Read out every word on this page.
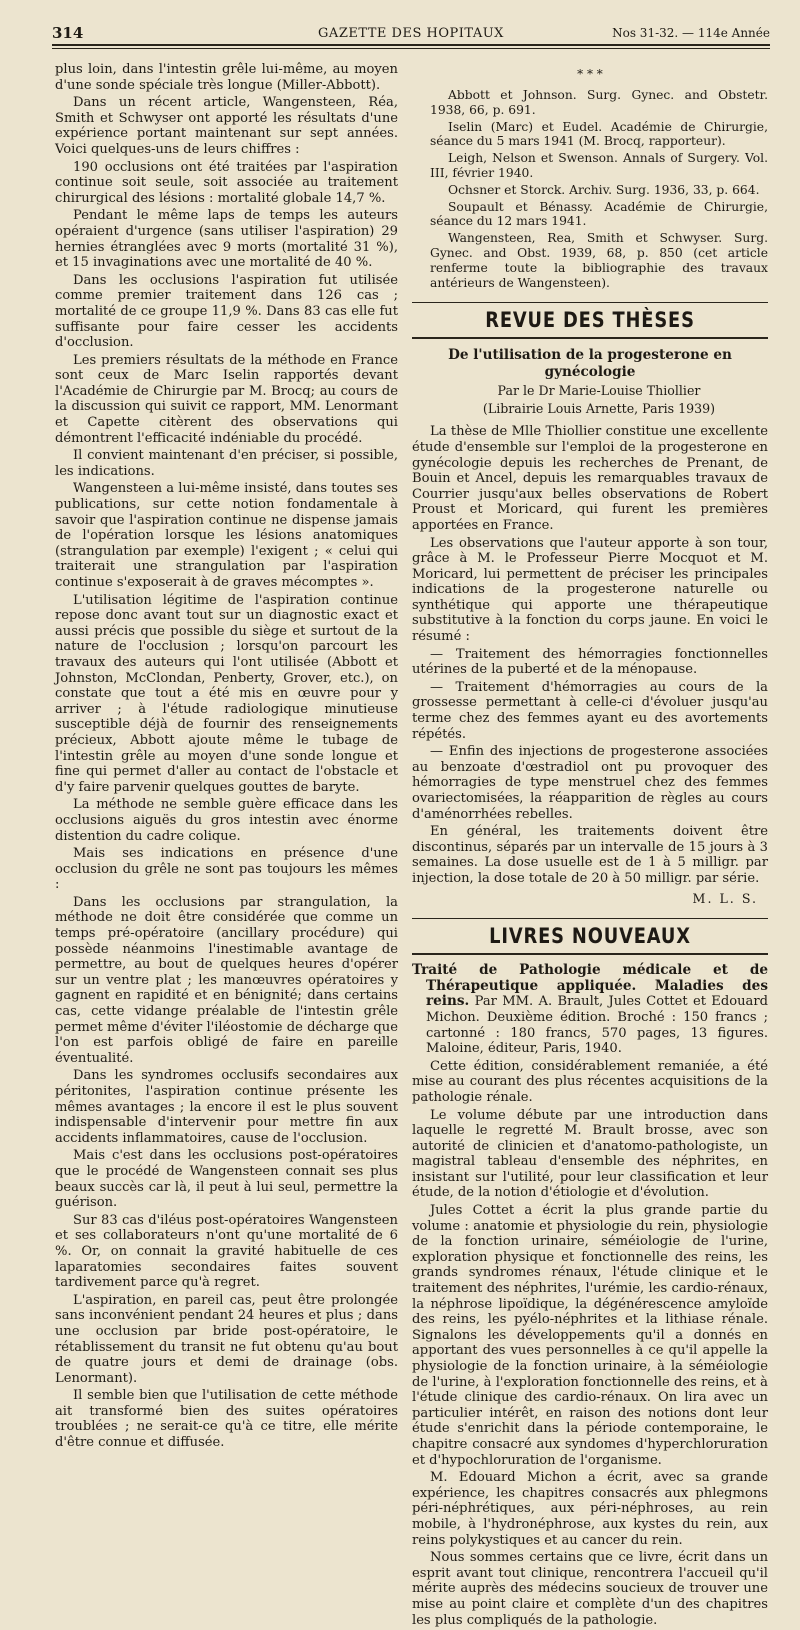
314	GAZETTE DES HOPITAUX	Nos 31-32. — 114e Année

plus loin, dans l'intestin grêle lui-même, au moyen d'une sonde spéciale très longue (Miller-Abbott).

Dans un récent article, Wangensteen, Réa, Smith et Schwyser ont apporté les résultats d'une expérience portant maintenant sur sept années. Voici quelques-uns de leurs chiffres :

190 occlusions ont été traitées par l'aspiration continue soit seule, soit associée au traitement chirurgical des lésions : mortalité globale 14,7 %.

Pendant le même laps de temps les auteurs opéraient d'urgence (sans utiliser l'aspiration) 29 hernies étranglées avec 9 morts (mortalité 31 %), et 15 invaginations avec une mortalité de 40 %.

Dans les occlusions l'aspiration fut utilisée comme premier traitement dans 126 cas ; mortalité de ce groupe 11,9 %. Dans 83 cas elle fut suffisante pour faire cesser les accidents d'occlusion.

Les premiers résultats de la méthode en France sont ceux de Marc Iselin rapportés devant l'Académie de Chirurgie par M. Brocq; au cours de la discussion qui suivit ce rapport, MM. Lenormant et Capette citèrent des observations qui démontrent l'efficacité indéniable du procédé.

Il convient maintenant d'en préciser, si possible, les indications.

Wangensteen a lui-même insisté, dans toutes ses publications, sur cette notion fondamentale à savoir que l'aspiration continue ne dispense jamais de l'opération lorsque les lésions anatomiques (strangulation par exemple) l'exigent ; « celui qui traiterait une strangulation par l'aspiration continue s'exposerait à de graves mécomptes ».

L'utilisation légitime de l'aspiration continue repose donc avant tout sur un diagnostic exact et aussi précis que possible du siège et surtout de la nature de l'occlusion ; lorsqu'on parcourt les travaux des auteurs qui l'ont utilisée (Abbott et Johnston, McClondan, Penberty, Grover, etc.), on constate que tout a été mis en œuvre pour y arriver ; à l'étude radiologique minutieuse susceptible déjà de fournir des renseignements précieux, Abbott ajoute même le tubage de l'intestin grêle au moyen d'une sonde longue et fine qui permet d'aller au contact de l'obstacle et d'y faire parvenir quelques gouttes de baryte.

La méthode ne semble guère efficace dans les occlusions aiguës du gros intestin avec énorme distention du cadre colique.

Mais ses indications en présence d'une occlusion du grêle ne sont pas toujours les mêmes :

Dans les occlusions par strangulation, la méthode ne doit être considérée que comme un temps pré-opératoire (ancillary procédure) qui possède néanmoins l'inestimable avantage de permettre, au bout de quelques heures d'opérer sur un ventre plat ; les manœuvres opératoires y gagnent en rapidité et en bénignité; dans certains cas, cette vidange préalable de l'intestin grêle permet même d'éviter l'iléostomie de décharge que l'on est parfois obligé de faire en pareille éventualité.

Dans les syndromes occlusifs secondaires aux péritonites, l'aspiration continue présente les mêmes avantages ; la encore il est le plus souvent indispensable d'intervenir pour mettre fin aux accidents inflammatoires, cause de l'occlusion.

Mais c'est dans les occlusions post-opératoires que le procédé de Wangensteen connait ses plus beaux succès car là, il peut à lui seul, permettre la guérison.

Sur 83 cas d'iléus post-opératoires Wangensteen et ses collaborateurs n'ont qu'une mortalité de 6 %. Or, on connait la gravité habituelle de ces laparatomies secondaires faites souvent tardivement parce qu'à regret.

L'aspiration, en pareil cas, peut être prolongée sans inconvénient pendant 24 heures et plus ; dans une occlusion par bride post-opératoire, le rétablissement du transit ne fut obtenu qu'au bout de quatre jours et demi de drainage (obs. Lenormant).

Il semble bien que l'utilisation de cette méthode ait transformé bien des suites opératoires troublées ; ne serait-ce qu'à ce titre, elle mérite d'être connue et diffusée.

* * *

Abbott et Johnson. Surg. Gynec. and Obstetr. 1938, 66, p. 691.

Iselin (Marc) et Eudel. Académie de Chirurgie, séance du 5 mars 1941 (M. Brocq, rapporteur).

Leigh, Nelson et Swenson. Annals of Surgery. Vol. III, février 1940.

Ochsner et Storck. Archiv. Surg. 1936, 33, p. 664.

Soupault et Bénassy. Académie de Chirurgie, séance du 12 mars 1941.

Wangensteen, Rea, Smith et Schwyser. Surg. Gynec. and Obst. 1939, 68, p. 850 (cet article renferme toute la bibliographie des travaux antérieurs de Wangensteen).

REVUE DES THÈSES
De l'utilisation de la progesterone en gynécologie

Par le Dr Marie-Louise Thiollier

(Librairie Louis Arnette, Paris 1939)

La thèse de Mlle Thiollier constitue une excellente étude d'ensemble sur l'emploi de la progesterone en gynécologie depuis les recherches de Prenant, de Bouin et Ancel, depuis les remarquables travaux de Courrier jusqu'aux belles observations de Robert Proust et Moricard, qui furent les premières apportées en France.

Les observations que l'auteur apporte à son tour, grâce à M. le Professeur Pierre Mocquot et M. Moricard, lui permettent de préciser les principales indications de la progesterone naturelle ou synthétique qui apporte une thérapeutique substitutive à la fonction du corps jaune. En voici le résumé :

— Traitement des hémorragies fonctionnelles utérines de la puberté et de la ménopause.

— Traitement d'hémorragies au cours de la grossesse permettant à celle-ci d'évoluer jusqu'au terme chez des femmes ayant eu des avortements répétés.

— Enfin des injections de progesterone associées au benzoate d'œstradiol ont pu provoquer des hémorragies de type menstruel chez des femmes ovariectomisées, la réapparition de règles au cours d'aménorrhées rebelles.

En général, les traitements doivent être discontinus, séparés par un intervalle de 15 jours à 3 semaines. La dose usuelle est de 1 à 5 milligr. par injection, la dose totale de 20 à 50 milligr. par série.

M. L. S.
LIVRES NOUVEAUX

Traité de Pathologie médicale et de Thérapeutique appliquée. Maladies des reins. Par MM. A. Brault, Jules Cottet et Edouard Michon. Deuxième édition. Broché : 150 francs ; cartonné : 180 francs, 570 pages, 13 figures. Maloine, éditeur, Paris, 1940.

Cette édition, considérablement remaniée, a été mise au courant des plus récentes acquisitions de la pathologie rénale.

Le volume débute par une introduction dans laquelle le regretté M. Brault brosse, avec son autorité de clinicien et d'anatomo-pathologiste, un magistral tableau d'ensemble des néphrites, en insistant sur l'utilité, pour leur classification et leur étude, de la notion d'étiologie et d'évolution.

Jules Cottet a écrit la plus grande partie du volume : anatomie et physiologie du rein, physiologie de la fonction urinaire, séméiologie de l'urine, exploration physique et fonctionnelle des reins, les grands syndromes rénaux, l'étude clinique et le traitement des néphrites, l'urémie, les cardio-rénaux, la néphrose lipoïdique, la dégénérescence amyloïde des reins, les pyélo-néphrites et la lithiase rénale. Signalons les développements qu'il a donnés en apportant des vues personnelles à ce qu'il appelle la physiologie de la fonction urinaire, à la séméiologie de l'urine, à l'exploration fonctionnelle des reins, et à l'étude clinique des cardio-rénaux. On lira avec un particulier intérêt, en raison des notions dont leur étude s'enrichit dans la période contemporaine, le chapitre consacré aux syndomes d'hyperchloruration et d'hypochloruration de l'organisme.

M. Edouard Michon a écrit, avec sa grande expérience, les chapitres consacrés aux phlegmons péri-néphrétiques, aux péri-néphroses, au rein mobile, à l'hydronéphrose, aux kystes du rein, aux reins polykystiques et au cancer du rein.

Nous sommes certains que ce livre, écrit dans un esprit avant tout clinique, rencontrera l'accueil qu'il mérite auprès des médecins soucieux de trouver une mise au point claire et complète d'un des chapitres les plus compliqués de la pathologie.
